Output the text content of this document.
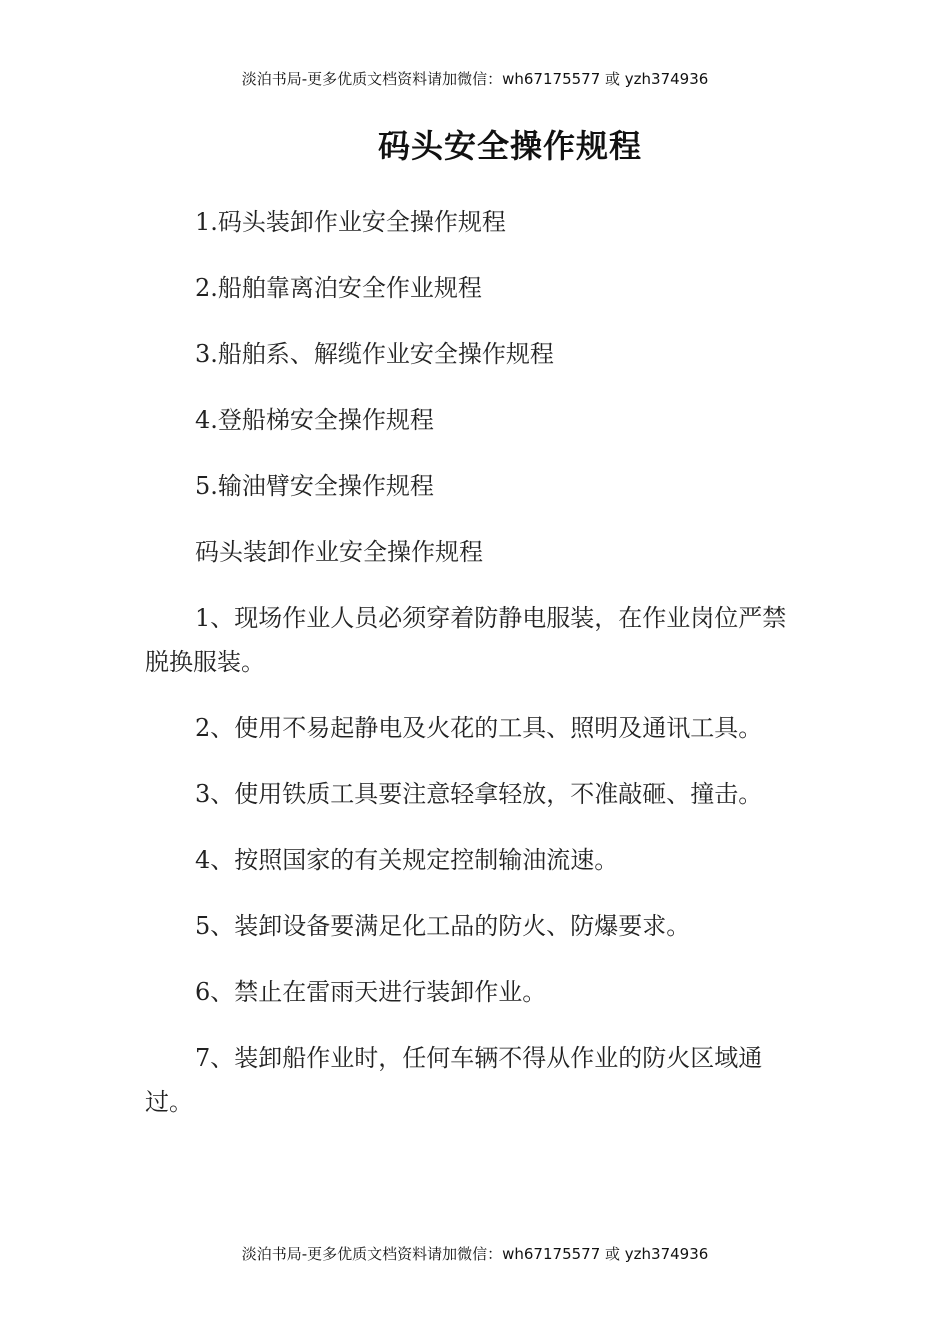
淡泊书局-更多优质文档资料请加微信：wh67175577 或 yzh374936
码头安全操作规程

1.码头装卸作业安全操作规程

2.船舶靠离泊安全作业规程

3.船舶系、解缆作业安全操作规程

4.登船梯安全操作规程

5.输油臂安全操作规程

码头装卸作业安全操作规程

1、现场作业人员必须穿着防静电服装，在作业岗位严禁脱换服装。

2、使用不易起静电及火花的工具、照明及通讯工具。

3、使用铁质工具要注意轻拿轻放，不准敲砸、撞击。

4、按照国家的有关规定控制输油流速。

5、装卸设备要满足化工品的防火、防爆要求。

6、禁止在雷雨天进行装卸作业。

7、装卸船作业时，任何车辆不得从作业的防火区域通过。

淡泊书局-更多优质文档资料请加微信：wh67175577 或 yzh374936
